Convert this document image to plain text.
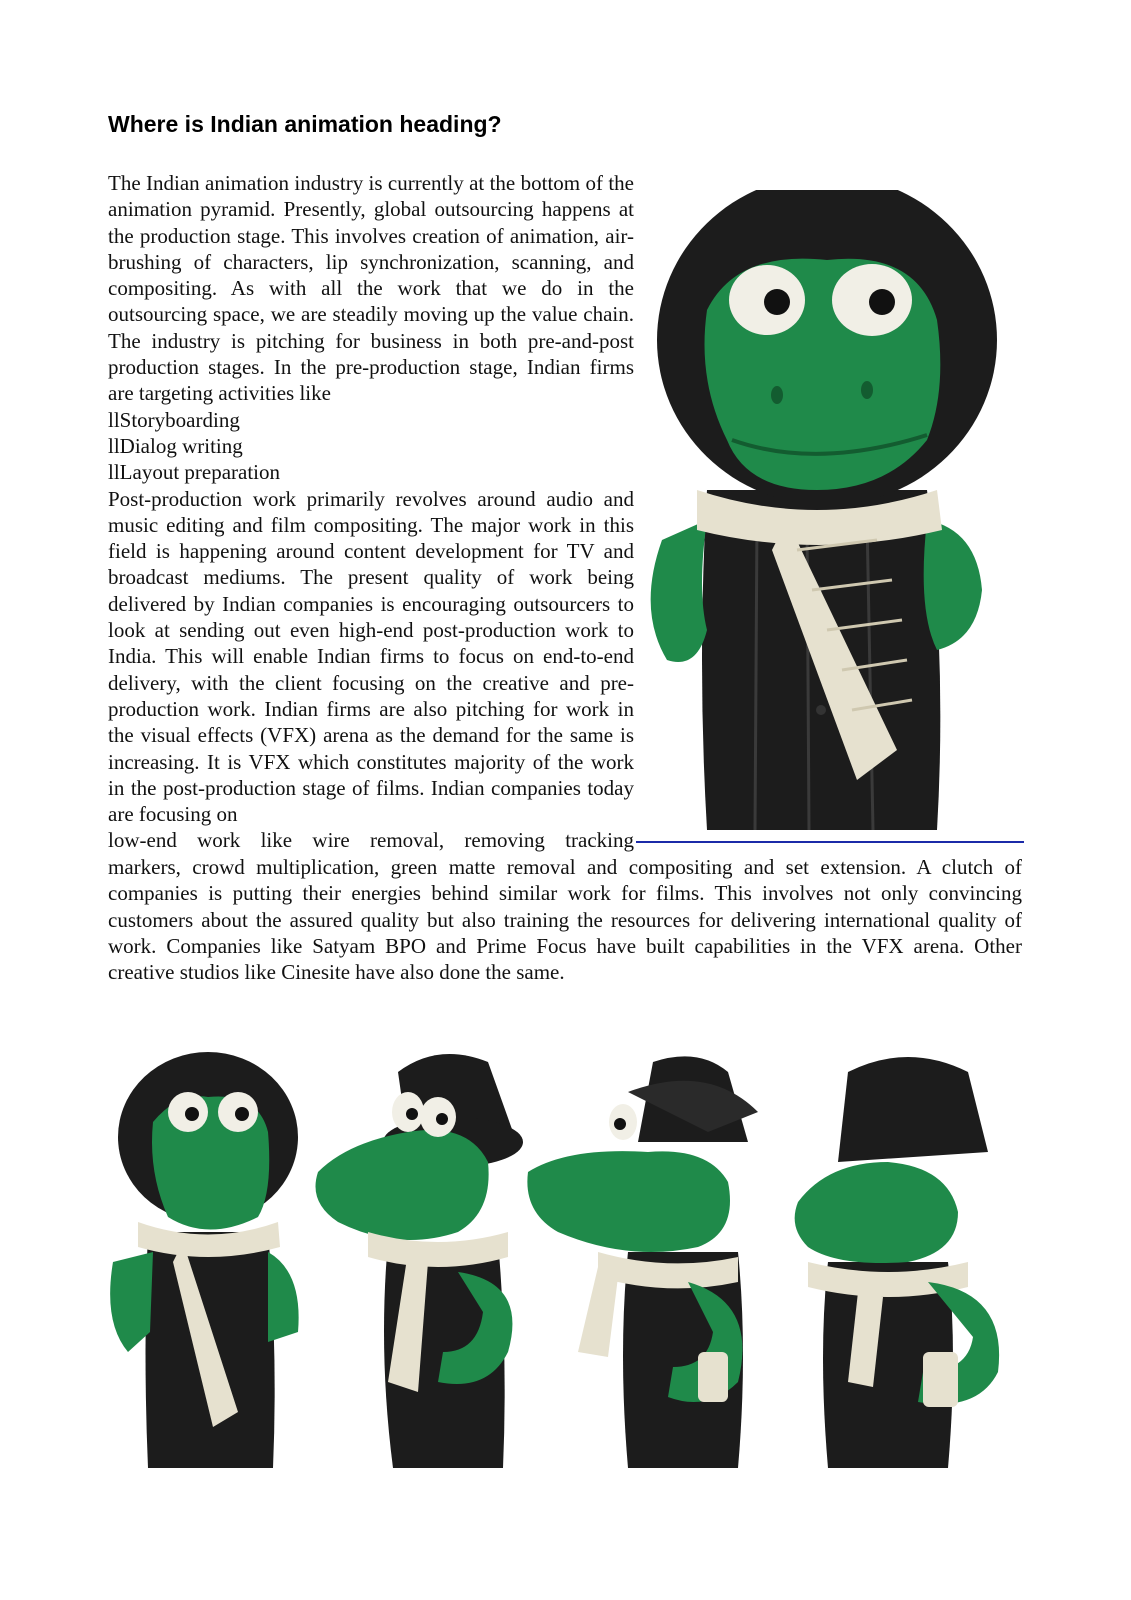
Where is Indian animation heading?

The Indian animation industry is currently at the bottom of the animation pyramid. Presently, global outsourcing happens at the production stage. This involves creation of animation, air-brushing of characters, lip synchronization, scanning, and compositing. As with all the work that we do in the outsourcing space, we are steadily moving up the value chain. The industry is pitching for business in both pre-and-post production stages. In the pre-production stage, Indian firms are targeting activities like

llStoryboarding

llDialog writing

llLayout preparation

Post-production work primarily revolves around audio and music editing and film compositing. The major work in this field is happening around content development for TV and broadcast mediums. The present quality of work being delivered by Indian companies is encouraging outsourcers to look at sending out even high-end post-production work to India. This will enable Indian firms to focus on end-to-end delivery, with the client focusing on the creative and pre-production work. Indian firms are also pitching for work in the visual effects (VFX) arena as the demand for the same is increasing. It is VFX which constitutes majority of the work in the post-production stage of films. Indian companies today are focusing on

low-end work like wire removal, removing tracking

markers, crowd multiplication, green matte removal and compositing and set extension. A clutch of companies is putting their energies behind similar work for films. This involves not only convincing customers about the assured quality but also training the resources for delivering international quality of work. Companies like Satyam BPO and Prime Focus have built capabilities in the VFX arena. Other creative studios like Cinesite have also done the same.
